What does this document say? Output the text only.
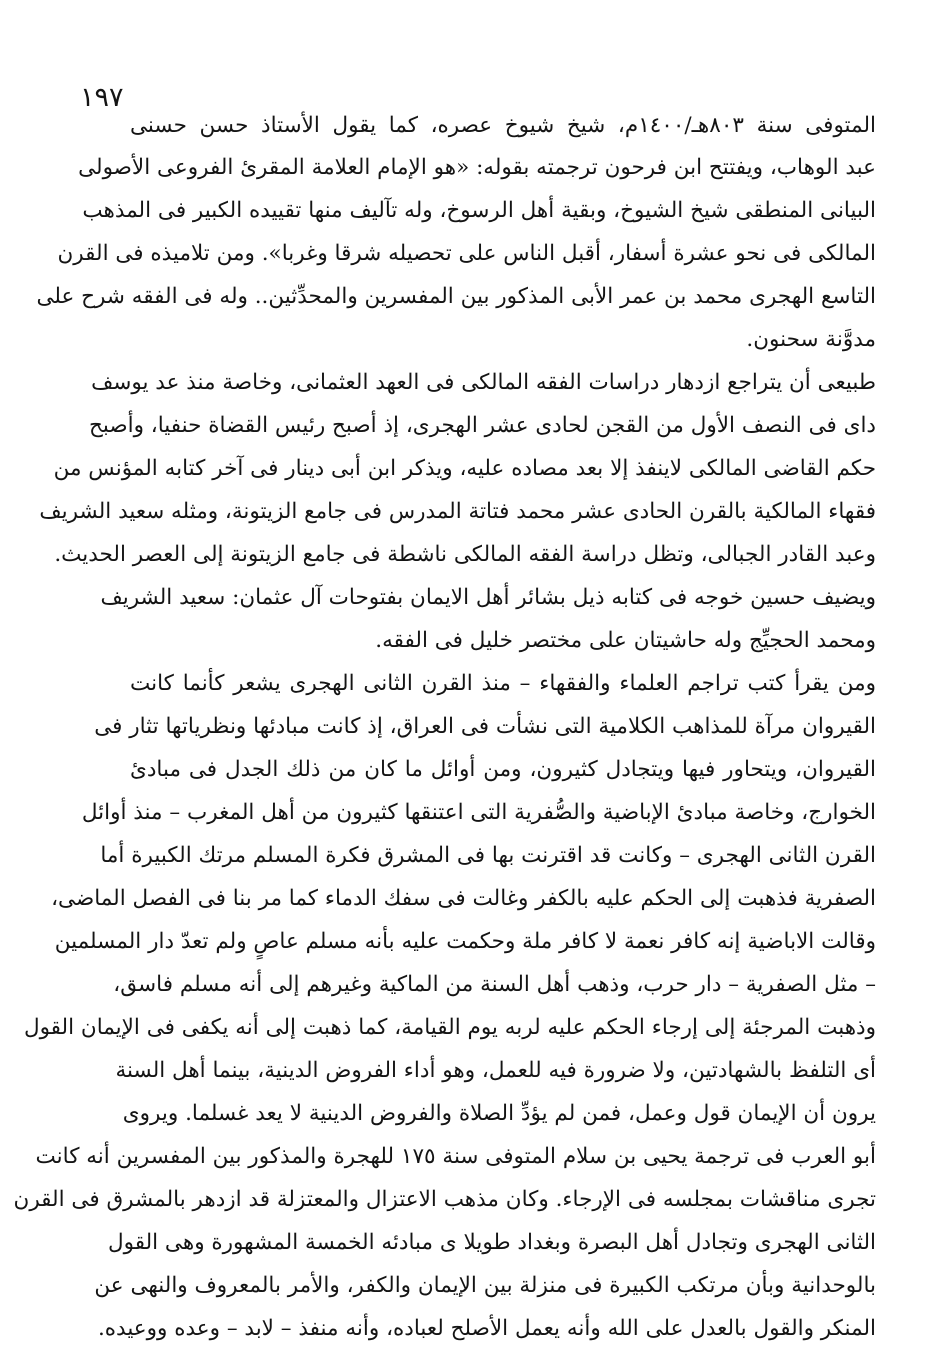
١٩٧
المتوفى سنة ٨٠٣هـ/١٤٠٠م، شيخ شيوخ عصره، كما يقول الأستاذ حسن حسنى
عبد الوهاب، ويفتتح ابن فرحون ترجمته بقوله: «هو الإمام العلامة المقرئ الفروعى الأصولى
البيانى المنطقى شيخ الشيوخ، وبقية أهل الرسوخ، وله تآليف منها تقييده الكبير فى المذهب
المالكى فى نحو عشرة أسفار، أقبل الناس على تحصيله شرقا وغربا». ومن تلاميذه فى القرن
التاسع الهجرى محمد بن عمر الأبى المذكور بين المفسرين والمحدِّثين.. وله فى الفقه شرح على
مدوَّنة سحنون.
طبيعى أن يتراجع ازدهار دراسات الفقه المالكى فى العهد العثمانى، وخاصة منذ عد يوسف
داى فى النصف الأول من القجن لحادى عشر الهجرى، إذ أصبح رئيس القضاة حنفيا، وأصبح
حكم القاضى المالكى لاينفذ إلا بعد مصاده عليه، ويذكر ابن أبى دينار فى آخر كتابه المؤنس من
فقهاء المالكية بالقرن الحادى عشر محمد فتاتة المدرس فى جامع الزيتونة، ومثله سعيد الشريف
وعبد القادر الجبالى، وتظل دراسة الفقه المالكى ناشطة فى جامع الزيتونة إلى العصر الحديث.
ويضيف حسين خوجه فى كتابه ذيل بشائر أهل الايمان بفتوحات آل عثمان: سعيد الشريف
ومحمد الحجيِّج وله حاشيتان على مختصر خليل فى الفقه.
ومن يقرأ كتب تراجم العلماء والفقهاء – منذ القرن الثانى الهجرى يشعر كأنما كانت
القيروان مرآة للمذاهب الكلامية التى نشأت فى العراق، إذ كانت مبادئها ونظرياتها تثار فى
القيروان، ويتحاور فيها ويتجادل كثيرون، ومن أوائل ما كان من ذلك الجدل فى مبادئ
الخوارج، وخاصة مبادئ الإباضية والصُّفرية التى اعتنقها كثيرون من أهل المغرب – منذ أوائل
القرن الثانى الهجرى – وكانت قد اقترنت بها فى المشرق فكرة المسلم مرتك الكبيرة أما
الصفرية فذهبت إلى الحكم عليه بالكفر وغالت فى سفك الدماء كما مر بنا فى الفصل الماضى،
وقالت الاباضية إنه كافر نعمة لا كافر ملة وحكمت عليه بأنه مسلم عاصٍ ولم تعدّ دار المسلمين
– مثل الصفرية – دار حرب، وذهب أهل السنة من الماكية وغيرهم إلى أنه مسلم فاسق،
وذهبت المرجئة إلى إرجاء الحكم عليه لربه يوم القيامة، كما ذهبت إلى أنه يكفى فى الإيمان القول
أى التلفظ بالشهادتين، ولا ضرورة فيه للعمل، وهو أداء الفروض الدينية، بينما أهل السنة
يرون أن الإيمان قول وعمل، فمن لم يؤدِّ الصلاة والفروض الدينية لا يعد غسلما. ويروى
أبو العرب فى ترجمة يحيى بن سلام المتوفى سنة ١٧٥ للهجرة والمذكور بين المفسرين أنه كانت
تجرى مناقشات بمجلسه فى الإرجاء. وكان مذهب الاعتزال والمعتزلة قد ازدهر بالمشرق فى القرن
الثانى الهجرى وتجادل أهل البصرة وبغداد طويلا ى مبادئه الخمسة المشهورة وهى القول
بالوحدانية وبأن مرتكب الكبيرة فى منزلة بين الإيمان والكفر، والأمر بالمعروف والنهى عن
المنكر والقول بالعدل على الله وأنه يعمل الأصلح لعباده، وأنه منفذ – لابد – وعده ووعيده.
